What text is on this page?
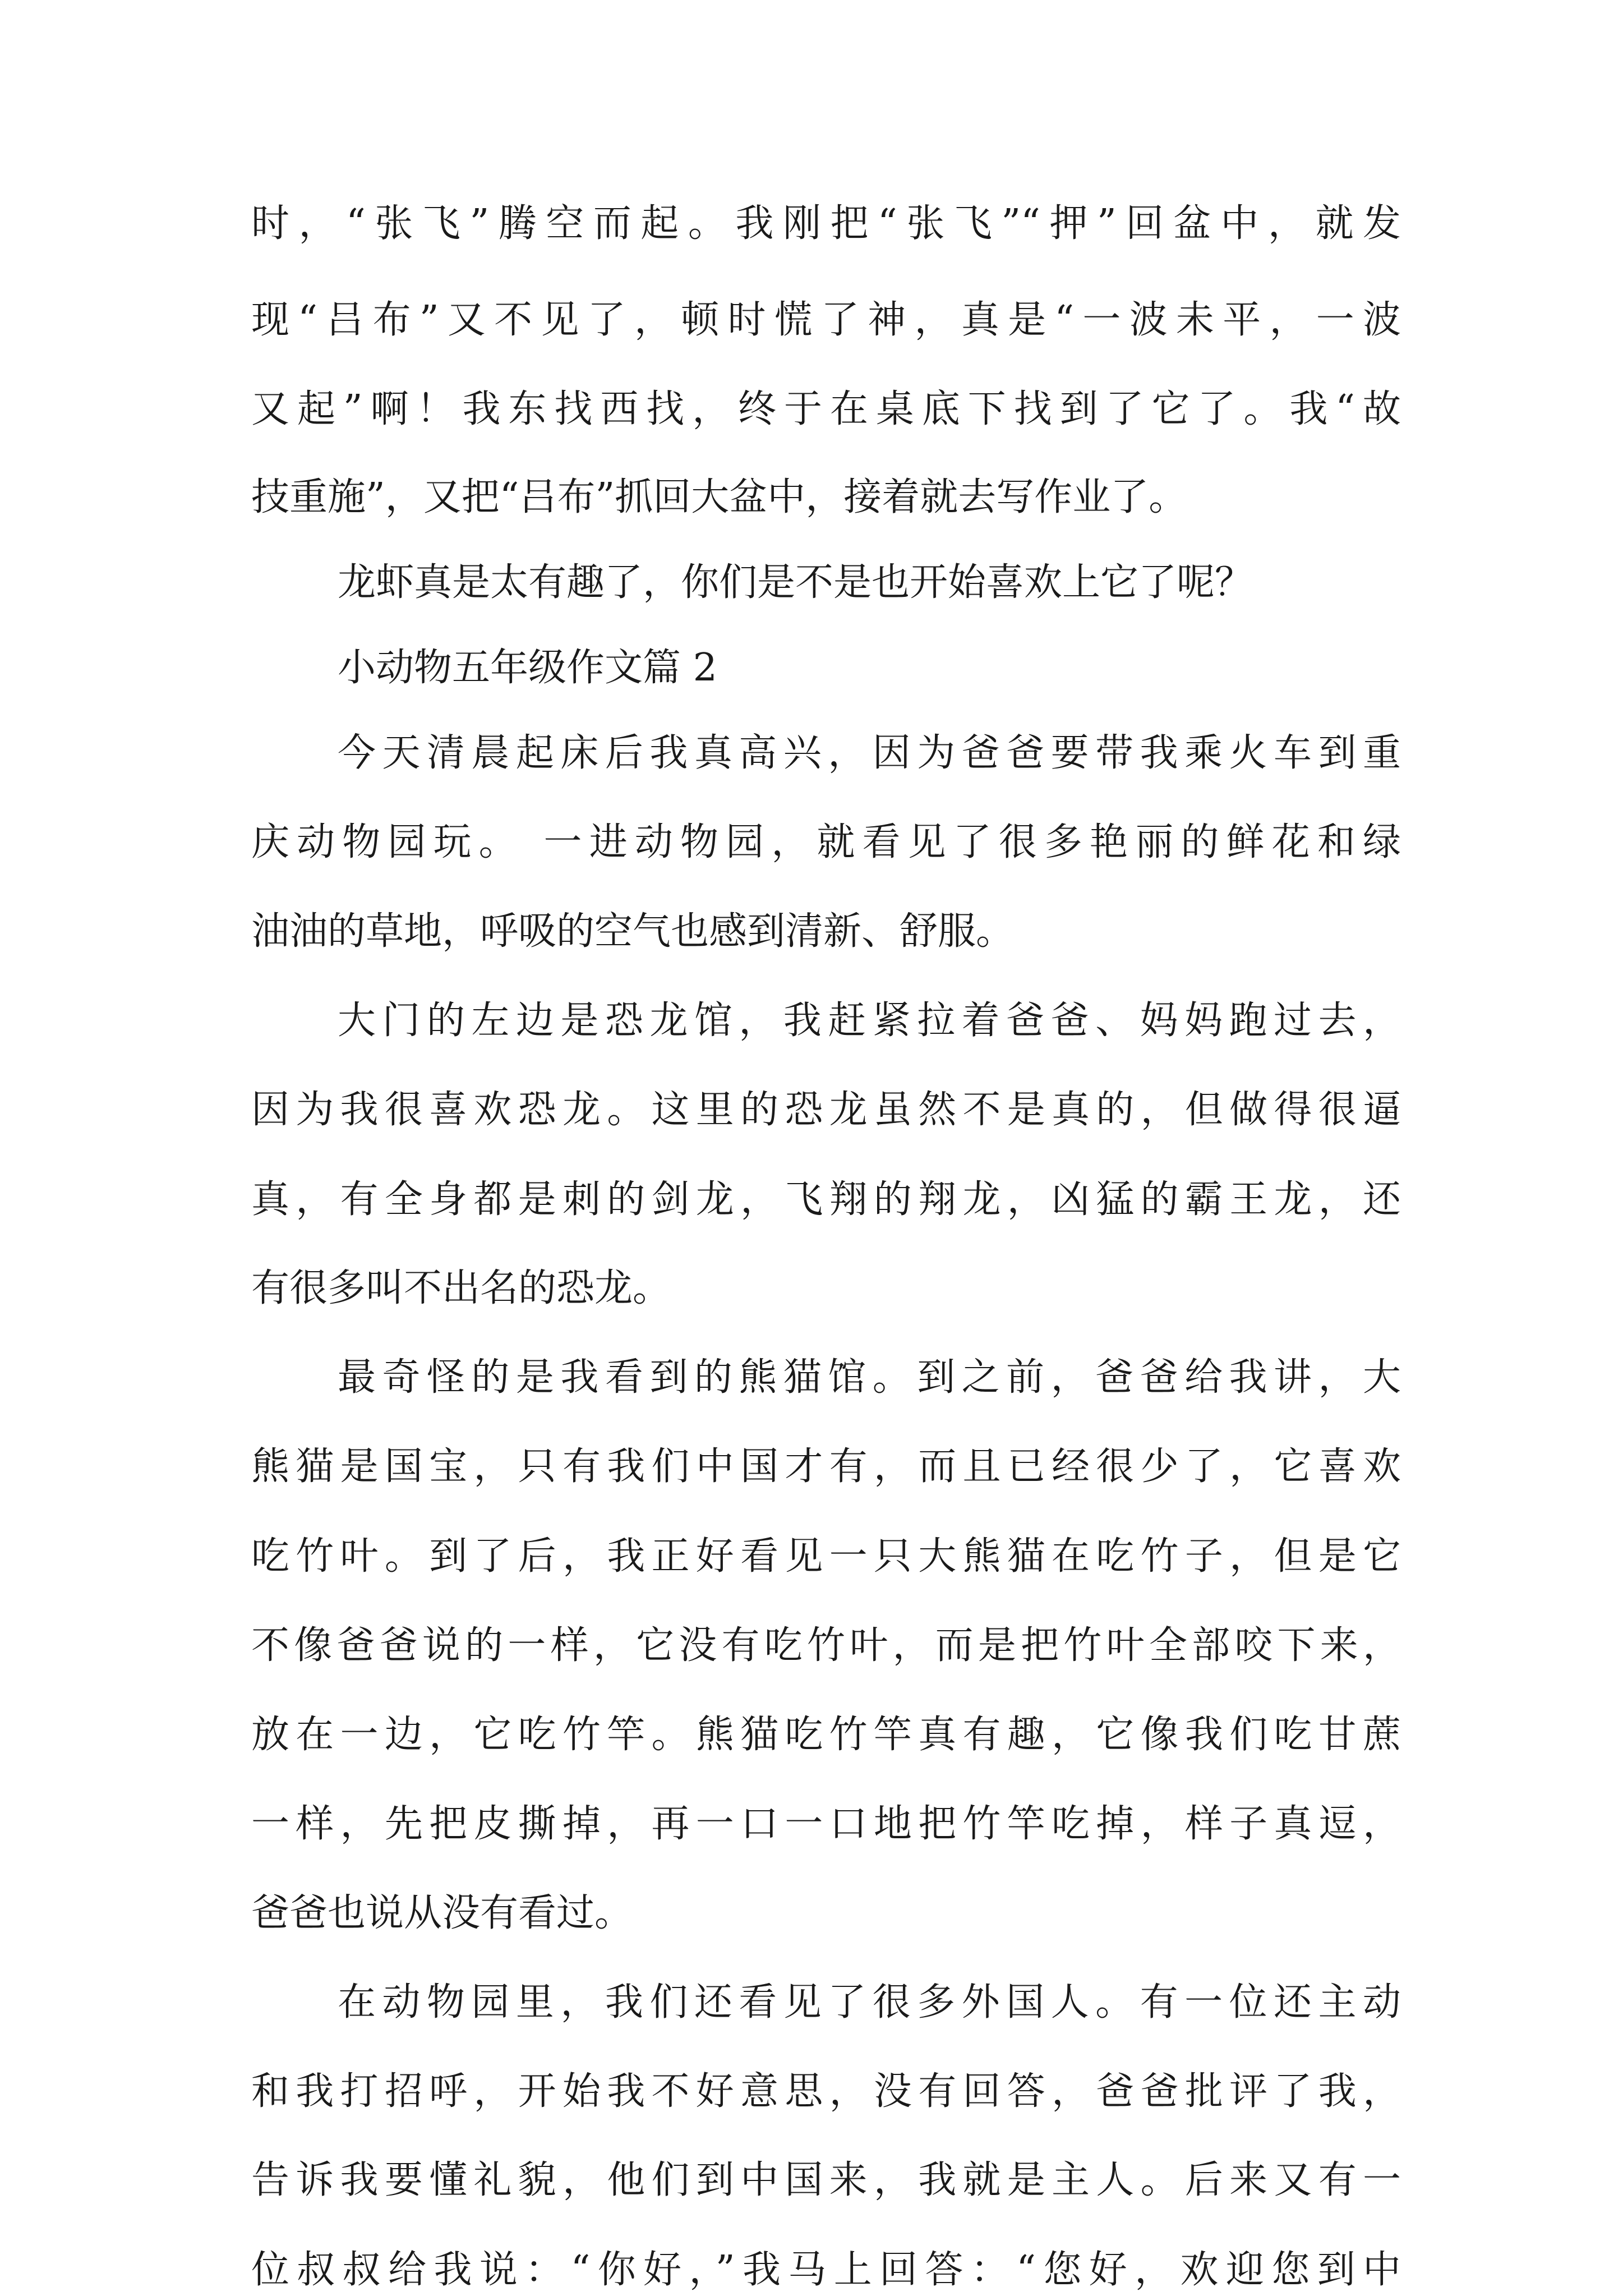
时，“张飞”腾空而起。我刚把“张飞”“押”回盆中，就发
现“吕布”又不见了，顿时慌了神，真是“一波未平，一波
又起”啊！我东找西找，终于在桌底下找到了它了。我“故
技重施”，又把“吕布”抓回大盆中，接着就去写作业了。
龙虾真是太有趣了，你们是不是也开始喜欢上它了呢？
小动物五年级作文篇 2
今天清晨起床后我真高兴，因为爸爸要带我乘火车到重
庆动物园玩。 一进动物园，就看见了很多艳丽的鲜花和绿
油油的草地，呼吸的空气也感到清新、舒服。
大门的左边是恐龙馆，我赶紧拉着爸爸、妈妈跑过去，
因为我很喜欢恐龙。这里的恐龙虽然不是真的，但做得很逼
真，有全身都是刺的剑龙，飞翔的翔龙，凶猛的霸王龙，还
有很多叫不出名的恐龙。
最奇怪的是我看到的熊猫馆。到之前，爸爸给我讲，大
熊猫是国宝，只有我们中国才有，而且已经很少了，它喜欢
吃竹叶。到了后，我正好看见一只大熊猫在吃竹子，但是它
不像爸爸说的一样，它没有吃竹叶，而是把竹叶全部咬下来，
放在一边，它吃竹竿。熊猫吃竹竿真有趣，它像我们吃甘蔗
一样，先把皮撕掉，再一口一口地把竹竿吃掉，样子真逗，
爸爸也说从没有看过。
在动物园里，我们还看见了很多外国人。有一位还主动
和我打招呼，开始我不好意思，没有回答，爸爸批评了我，
告诉我要懂礼貌，他们到中国来，我就是主人。后来又有一
位叔叔给我说：“你好，”我马上回答：“您好，欢迎您到中
